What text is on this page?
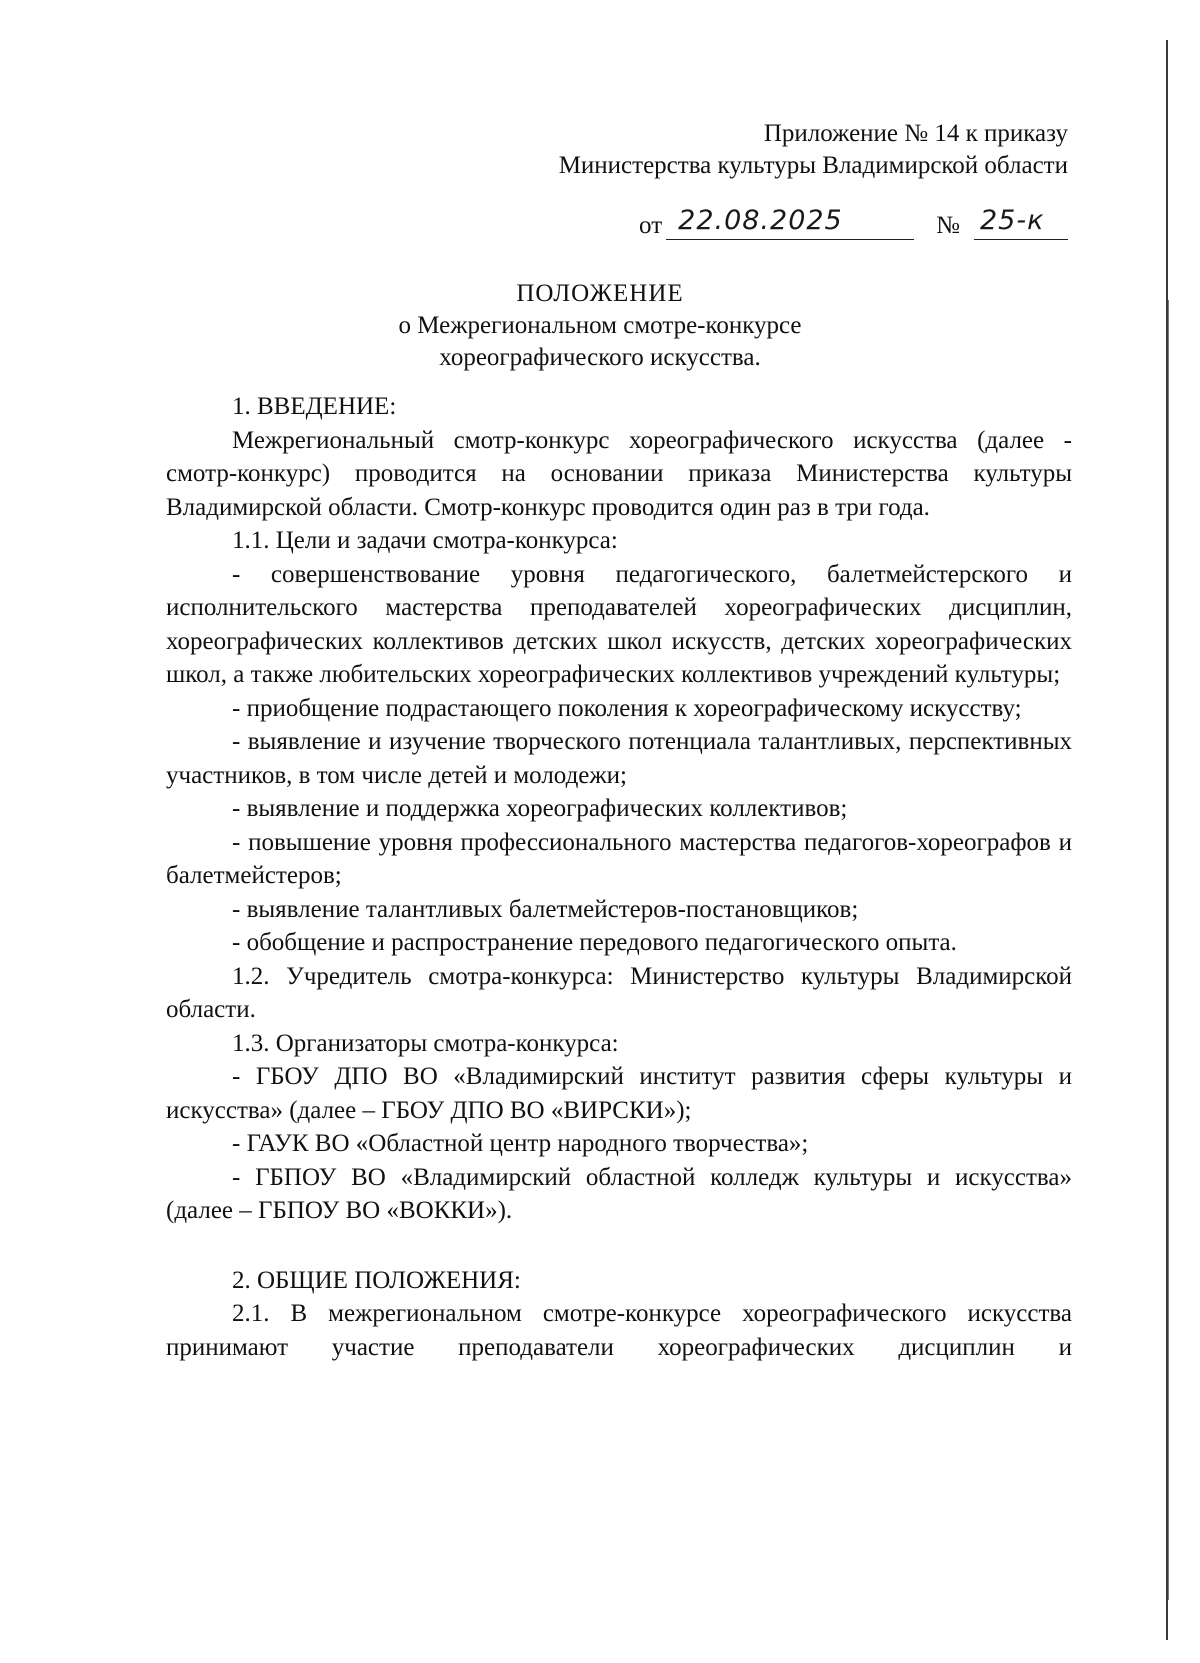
Приложение № 14 к приказу
Министерства культуры Владимирской области
от 22.08.2025	№ 25-к
ПОЛОЖЕНИЕ
о Межрегиональном смотре-конкурсе
хореографического искусства.

1. ВВЕДЕНИЕ:

Межрегиональный смотр-конкурс хореографического искусства (далее - смотр-конкурс) проводится на основании приказа Министерства культуры Владимирской области. Смотр-конкурс проводится один раз в три года.

1.1. Цели и задачи смотра-конкурса:

- совершенствование уровня педагогического, балетмейстерского и исполнительского мастерства преподавателей хореографических дисциплин, хореографических коллективов детских школ искусств, детских хореографических школ, а также любительских хореографических коллективов учреждений культуры;

- приобщение подрастающего поколения к хореографическому искусству;

- выявление и изучение творческого потенциала талантливых, перспективных участников, в том числе детей и молодежи;

- выявление и поддержка хореографических коллективов;

- повышение уровня профессионального мастерства педагогов-хореографов и балетмейстеров;

- выявление талантливых балетмейстеров-постановщиков;

- обобщение и распространение передового педагогического опыта.

1.2. Учредитель смотра-конкурса: Министерство культуры Владимирской области.

1.3. Организаторы смотра-конкурса:

- ГБОУ ДПО ВО «Владимирский институт развития сферы культуры и искусства» (далее – ГБОУ ДПО ВО «ВИРСКИ»);

- ГАУК ВО «Областной центр народного творчества»;

- ГБПОУ ВО «Владимирский областной колледж культуры и искусства» (далее – ГБПОУ ВО «ВОККИ»).

2. ОБЩИЕ ПОЛОЖЕНИЯ:

2.1. В межрегиональном смотре-конкурсе хореографического искусства принимают участие преподаватели хореографических дисциплин и
